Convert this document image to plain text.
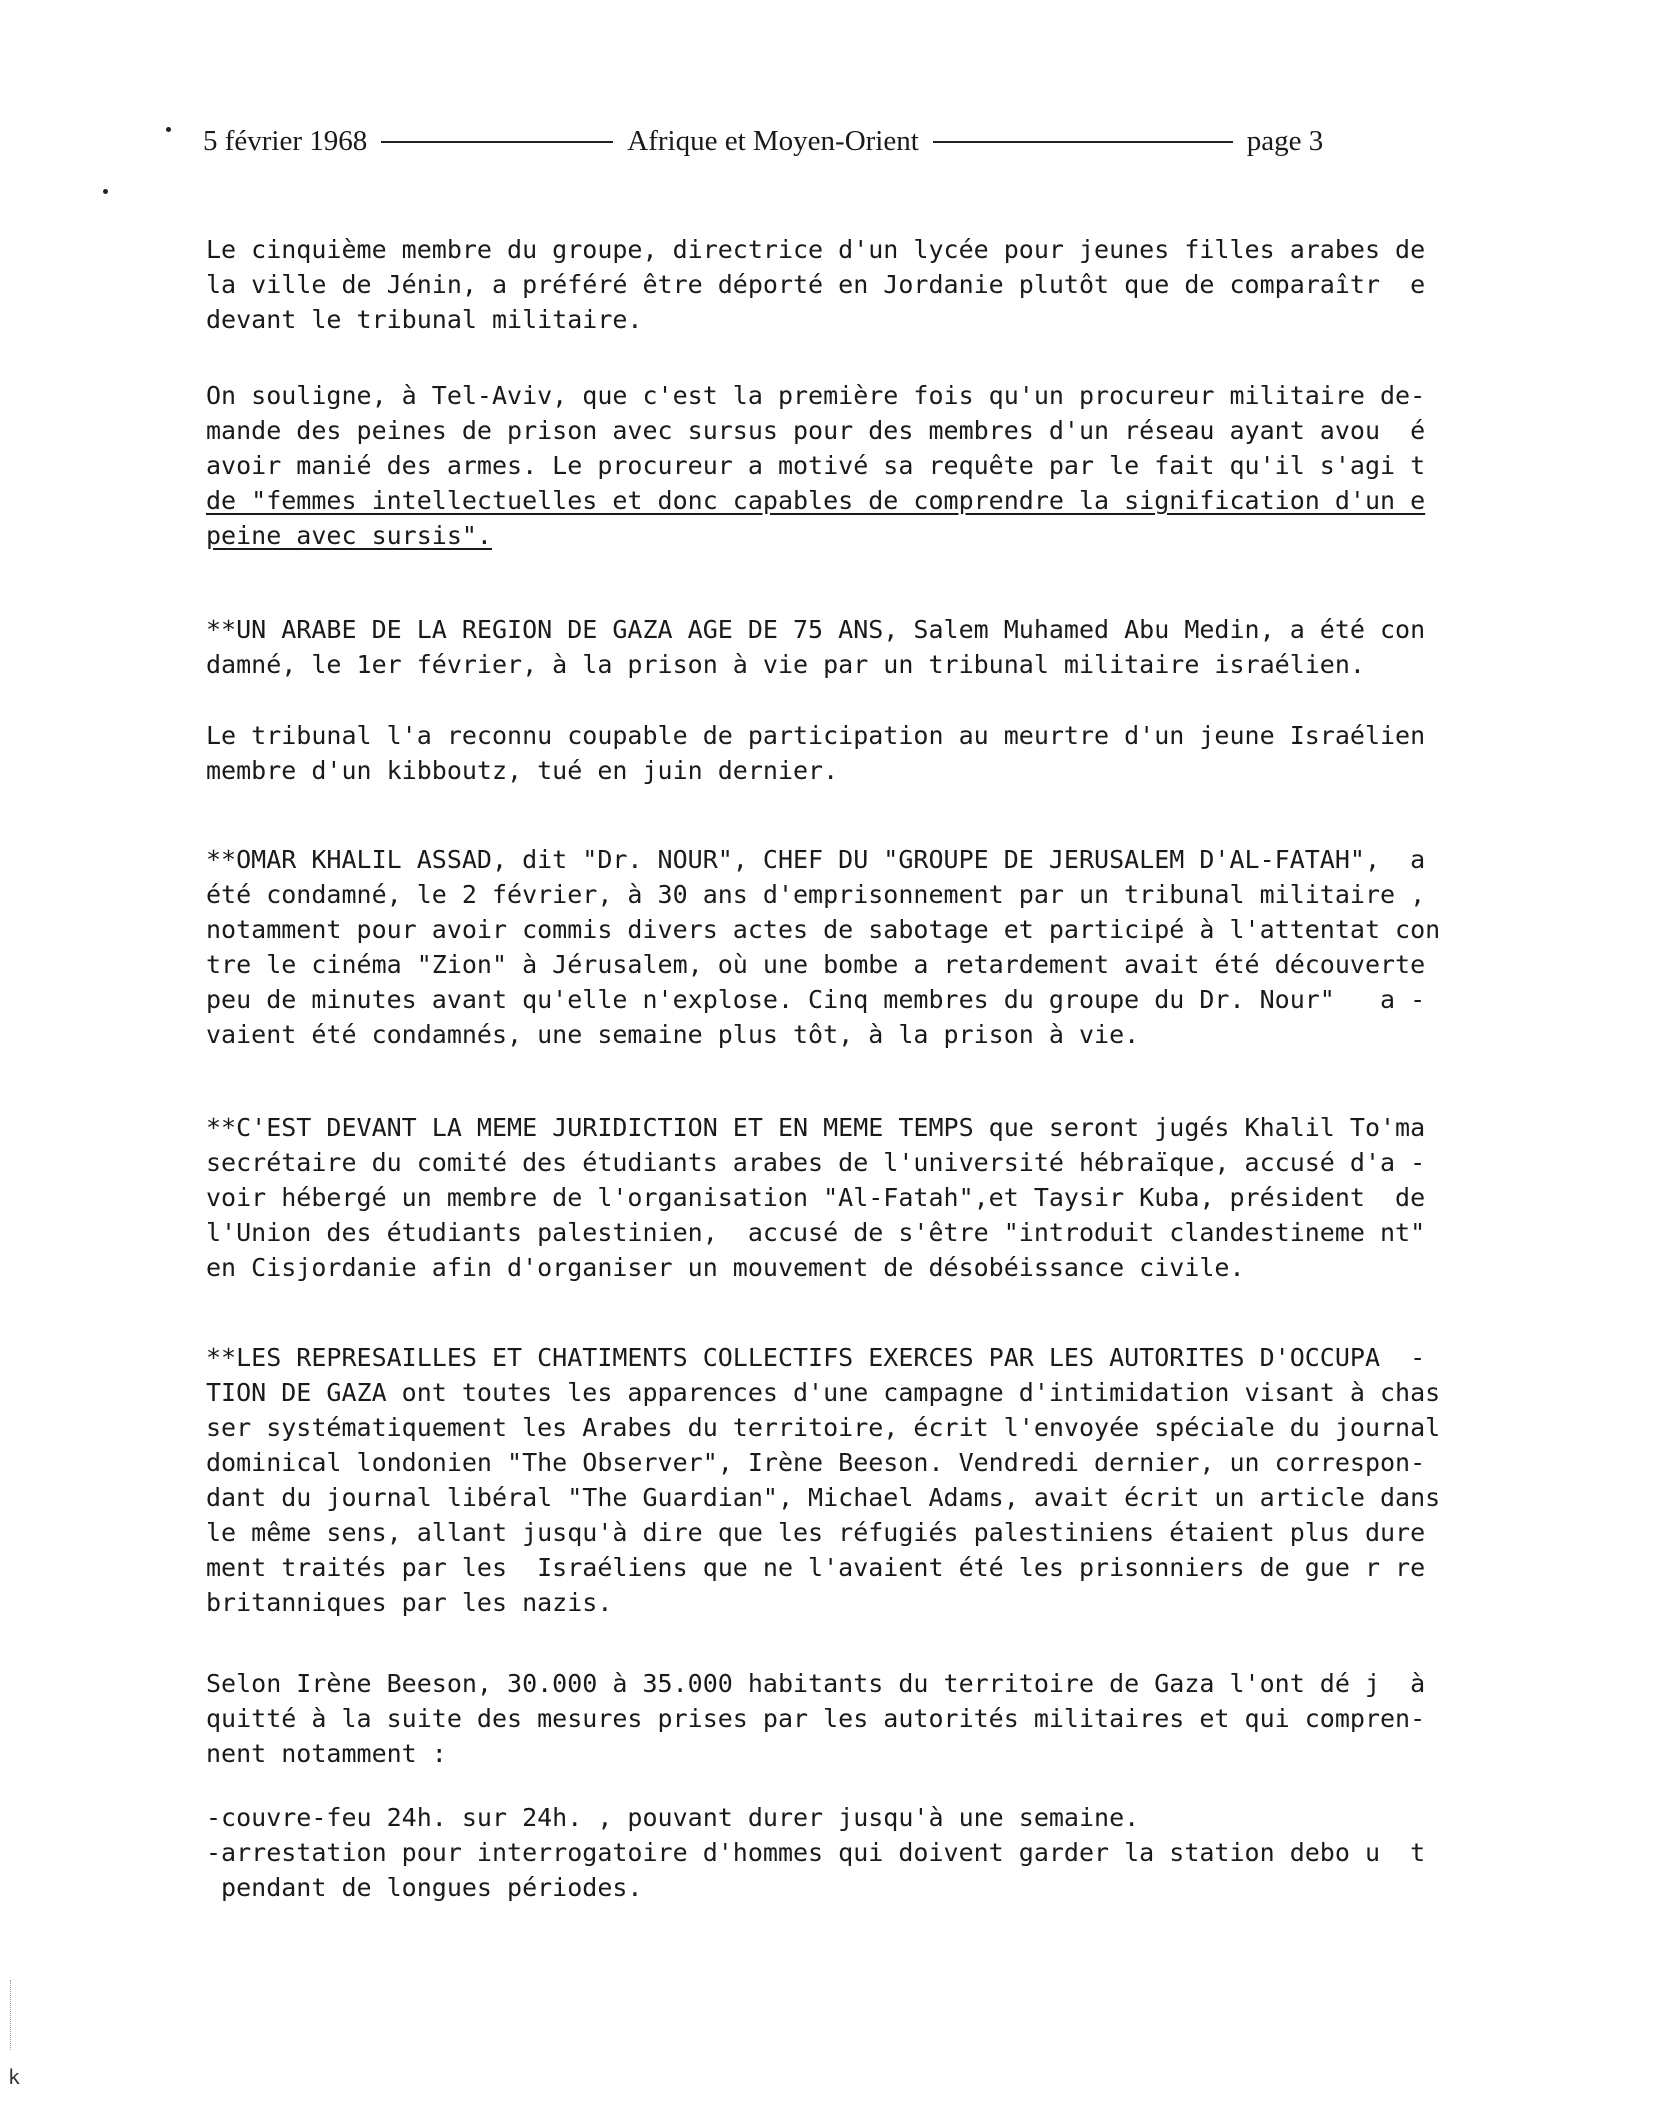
5 février 1968	Afrique et Moyen-Orient	page 3
Le cinquième membre du groupe, directrice d'un lycée pour jeunes filles arabes de
la ville de Jénin, a préféré être déporté en Jordanie plutôt que de comparaîtr  e
devant le tribunal militaire.
On souligne, à Tel-Aviv, que c'est la première fois qu'un procureur militaire de-
mande des peines de prison avec sursus pour des membres d'un réseau ayant avou  é
avoir manié des armes. Le procureur a motivé sa requête par le fait qu'il s'agi t
de "femmes intellectuelles et donc capables de comprendre la signification d'un e
peine avec sursis".
**UN ARABE DE LA REGION DE GAZA AGE DE 75 ANS, Salem Muhamed Abu Medin, a été con
damné, le 1er février, à la prison à vie par un tribunal militaire israélien.
Le tribunal l'a reconnu coupable de participation au meurtre d'un jeune Israélien
membre d'un kibboutz, tué en juin dernier.
**OMAR KHALIL ASSAD, dit "Dr. NOUR", CHEF DU "GROUPE DE JERUSALEM D'AL-FATAH",  a
été condamné, le 2 février, à 30 ans d'emprisonnement par un tribunal militaire ,
notamment pour avoir commis divers actes de sabotage et participé à l'attentat con
tre le cinéma "Zion" à Jérusalem, où une bombe a retardement avait été découverte
peu de minutes avant qu'elle n'explose. Cinq membres du groupe du Dr. Nour"   a -
vaient été condamnés, une semaine plus tôt, à la prison à vie.
**C'EST DEVANT LA MEME JURIDICTION ET EN MEME TEMPS que seront jugés Khalil To'ma
secrétaire du comité des étudiants arabes de l'université hébraïque, accusé d'a -
voir hébergé un membre de l'organisation "Al-Fatah",et Taysir Kuba, président  de
l'Union des étudiants palestinien,  accusé de s'être "introduit clandestineme nt"
en Cisjordanie afin d'organiser un mouvement de désobéissance civile.
**LES REPRESAILLES ET CHATIMENTS COLLECTIFS EXERCES PAR LES AUTORITES D'OCCUPA  -
TION DE GAZA ont toutes les apparences d'une campagne d'intimidation visant à chas
ser systématiquement les Arabes du territoire, écrit l'envoyée spéciale du journal
dominical londonien "The Observer", Irène Beeson. Vendredi dernier, un correspon-
dant du journal libéral "The Guardian", Michael Adams, avait écrit un article dans
le même sens, allant jusqu'à dire que les réfugiés palestiniens étaient plus dure
ment traités par les  Israéliens que ne l'avaient été les prisonniers de gue r re
britanniques par les nazis.
Selon Irène Beeson, 30.000 à 35.000 habitants du territoire de Gaza l'ont dé j  à
quitté à la suite des mesures prises par les autorités militaires et qui compren-
nent notamment :
-couvre-feu 24h. sur 24h. , pouvant durer jusqu'à une semaine.
-arrestation pour interrogatoire d'hommes qui doivent garder la station debo u  t
pendant de longues périodes.
k
